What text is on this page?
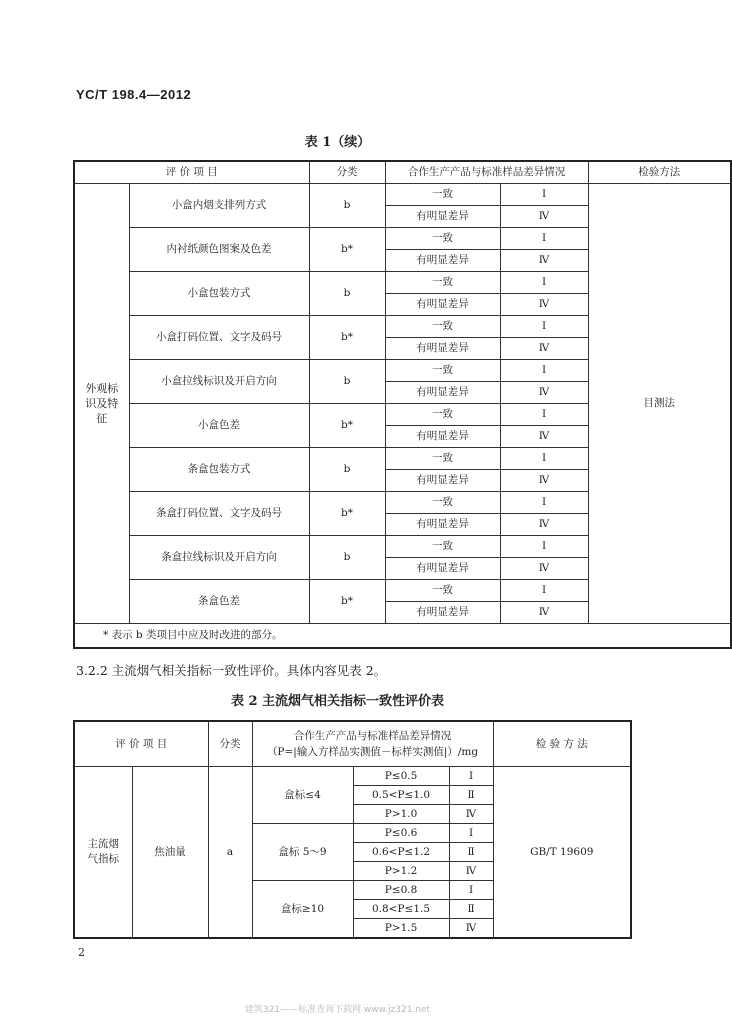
YC/T 198.4—2012
表 1（续）
评 价 项 目		分类	合作生产产品与标准样品差异情况		检验方法
外观标识及特征	小盒内烟支排列方式	b	一致	Ⅰ	目测法
			有明显差异	Ⅳ	
	内衬纸颜色图案及色差	b*	一致	Ⅰ	
			有明显差异	Ⅳ	
	小盒包装方式	b	一致	Ⅰ	
			有明显差异	Ⅳ	
	小盒打码位置、文字及码号	b*	一致	Ⅰ	
			有明显差异	Ⅳ	
	小盒拉线标识及开启方向	b	一致	Ⅰ	
			有明显差异	Ⅳ	
	小盒色差	b*	一致	Ⅰ	
			有明显差异	Ⅳ	
	条盒包装方式	b	一致	Ⅰ	
			有明显差异	Ⅳ	
	条盒打码位置、文字及码号	b*	一致	Ⅰ	
			有明显差异	Ⅳ	
	条盒拉线标识及开启方向	b	一致	Ⅰ	
			有明显差异	Ⅳ	
	条盒色差	b*	一致	Ⅰ	
			有明显差异	Ⅳ	
* 表示 b 类项目中应及时改进的部分。					
3.2.2 主流烟气相关指标一致性评价。具体内容见表 2。
表 2 主流烟气相关指标一致性评价表
评 价 项 目		分类	合作生产产品与标准样品差异情况
（P=|输入方样品实测值－标样实测值|）/mg			检 验 方 法
主流烟气指标	焦油量	a	盒标≤4	P≤0.5	Ⅰ	GB/T 19609
				0.5<P≤1.0	Ⅱ	
				P>1.0	Ⅳ	
			盒标 5～9	P≤0.6	Ⅰ	
				0.6<P≤1.2	Ⅱ	
				P>1.2	Ⅳ	
			盒标≥10	P≤0.8	Ⅰ	
				0.8<P≤1.5	Ⅱ	
				P>1.5	Ⅳ	
2
建筑321——标准查询下载网 www.jz321.net
